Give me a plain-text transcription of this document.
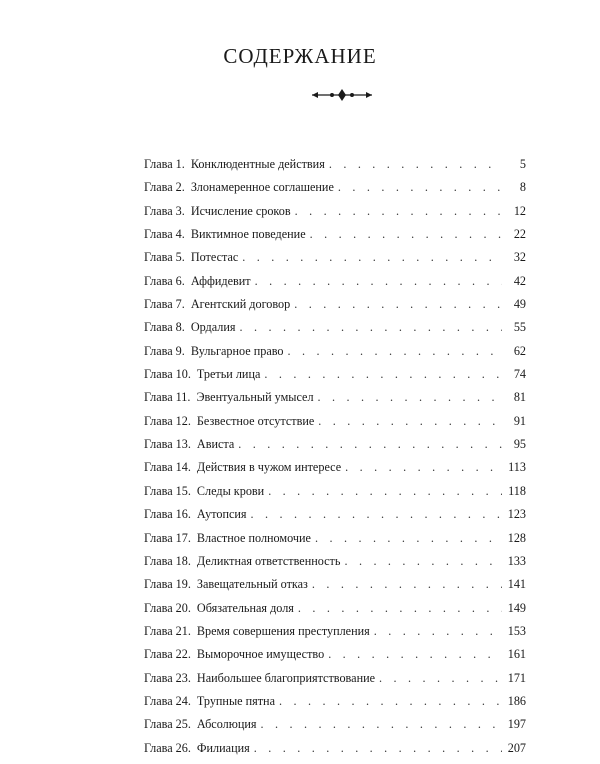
СОДЕРЖАНИЕ
Глава 1. Конклюдентные действия . . .	5
Глава 2. Злонамеренное соглашение . . .	8
Глава 3. Исчисление сроков . . .	12
Глава 4. Виктимное поведение . . .	22
Глава 5. Потестас . . .	32
Глава 6. Аффидевит . . .	42
Глава 7. Агентский договор . . .	49
Глава 8. Ордалия . . .	55
Глава 9. Вульгарное право . . .	62
Глава 10. Третьи лица . . .	74
Глава 11. Эвентуальный умысел . . .	81
Глава 12. Безвестное отсутствие . . .	91
Глава 13. Ависта . . .	95
Глава 14. Действия в чужом интересе . . .	113
Глава 15. Следы крови . . .	118
Глава 16. Аутопсия . . .	123
Глава 17. Властное полномочие . . .	128
Глава 18. Деликтная ответственность . . .	133
Глава 19. Завещательный отказ . . .	141
Глава 20. Обязательная доля . . .	149
Глава 21. Время совершения преступления . . .	153
Глава 22. Выморочное имущество . . .	161
Глава 23. Наибольшее благоприятствование . . .	171
Глава 24. Трупные пятна . . .	186
Глава 25. Абсолюция . . .	197
Глава 26. Филиация . . .	207
